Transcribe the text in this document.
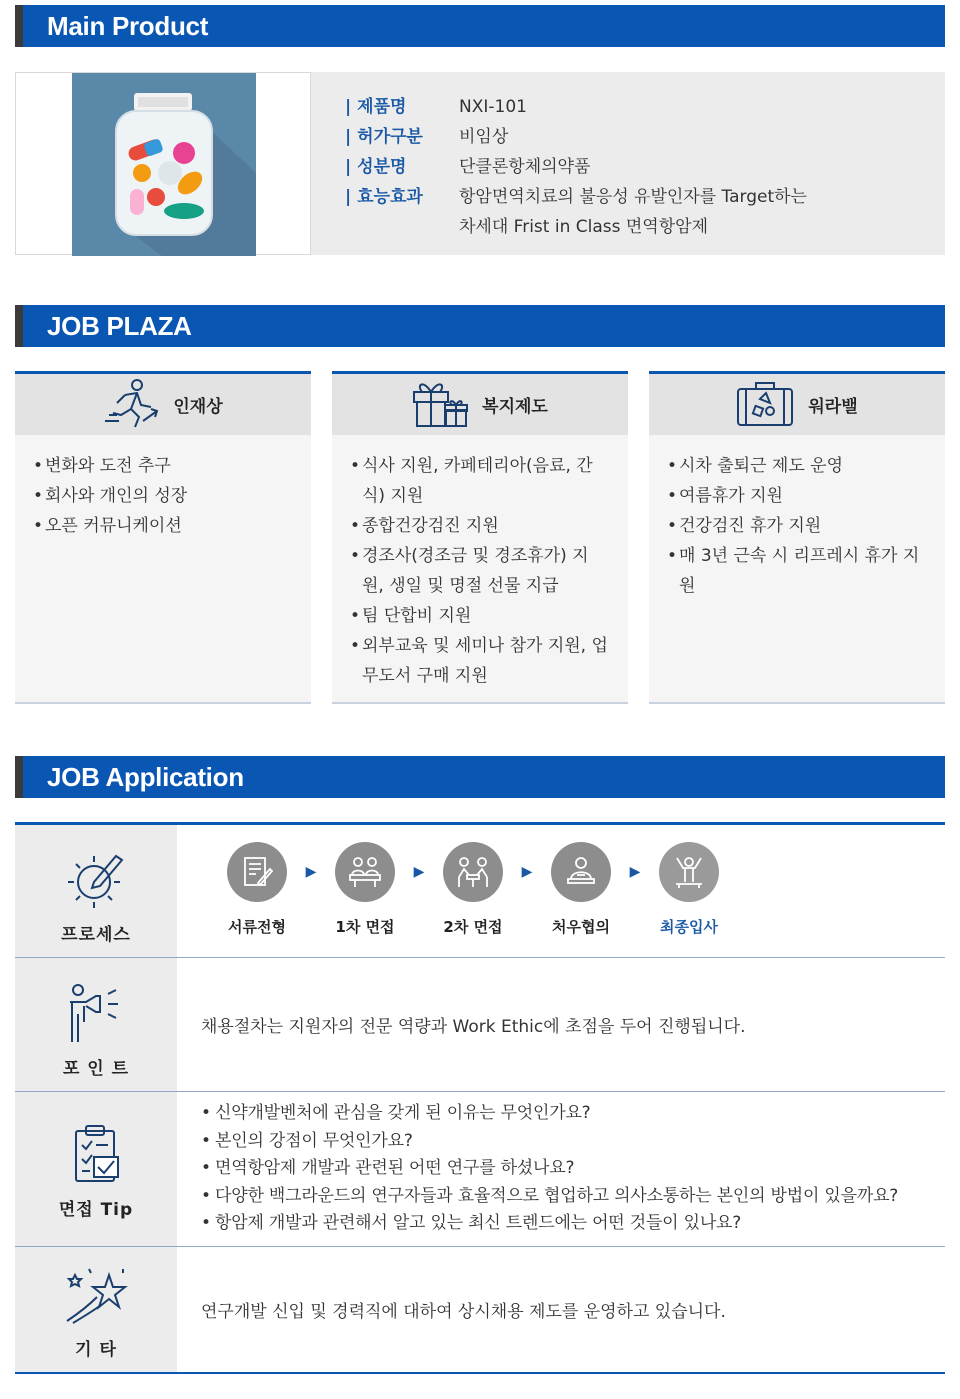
Main Product
| 제품명	NXI-101
| 허가구분	비임상
| 성분명	단클론항체의약품
| 효능효과	항암면역치료의 불응성 유발인자를 Target하는
차세대 Frist in Class 면역항암제
JOB PLAZA
인재상
• 변화와 도전 추구
• 회사와 개인의 성장
• 오픈 커뮤니케이션
복지제도
• 식사 지원, 카페테리아(음료, 간식) 지원
• 종합건강검진 지원
• 경조사(경조금 및 경조휴가) 지원, 생일 및 명절 선물 지급
• 팀 단합비 지원
• 외부교육 및 세미나 참가 지원, 업무도서 구매 지원
워라밸
• 시차 출퇴근 제도 운영
• 여름휴가 지원
• 건강검진 휴가 지원
• 매 3년 근속 시 리프레시 휴가 지원
JOB Application
프로세스	서류전형
▶
1차 면접
▶
2차 면접
▶
처우협의
▶
최종입사
포 인 트
채용절차는 지원자의 전문 역량과 Work Ethic에 초점을 두어 진행됩니다.
면접 Tip
• 신약개발벤처에 관심을 갖게 된 이유는 무엇인가요?
• 본인의 강점이 무엇인가요?
• 면역항암제 개발과 관련된 어떤 연구를 하셨나요?
• 다양한 백그라운드의 연구자들과 효율적으로 협업하고 의사소통하는 본인의 방법이 있을까요?
• 항암제 개발과 관련해서 알고 있는 최신 트렌드에는 어떤 것들이 있나요?
기 타
연구개발 신입 및 경력직에 대하여 상시채용 제도를 운영하고 있습니다.
